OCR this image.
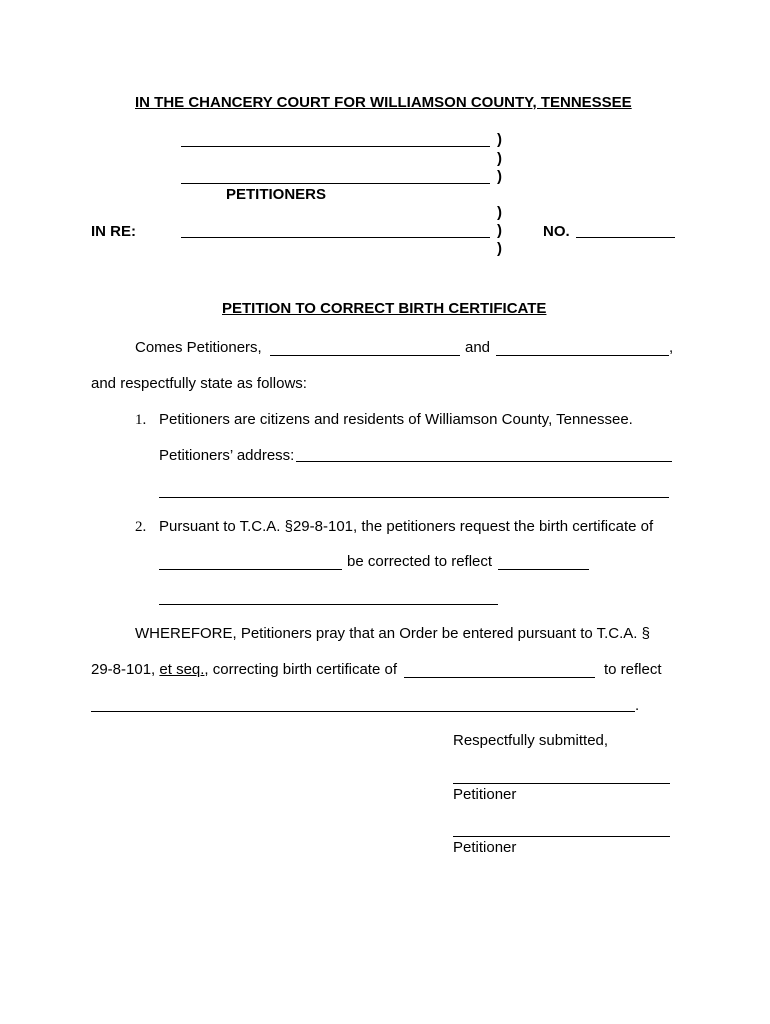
IN THE CHANCERY COURT FOR WILLIAMSON COUNTY, TENNESSEE
)
)
)
PETITIONERS
)
IN RE:	)	NO.
)
PETITION TO CORRECT BIRTH CERTIFICATE
Comes Petitioners,	and	,
and respectfully state as follows:
1. Petitioners are citizens and residents of Williamson County, Tennessee.
Petitioners’ address:
2. Pursuant to T.C.A. §29-8-101, the petitioners request the birth certificate of
be corrected to reflect
WHEREFORE, Petitioners pray that an Order be entered pursuant to T.C.A. §
29-8-101, et seq., correcting birth certificate of	to reflect
.
Respectfully submitted,
Petitioner
Petitioner
